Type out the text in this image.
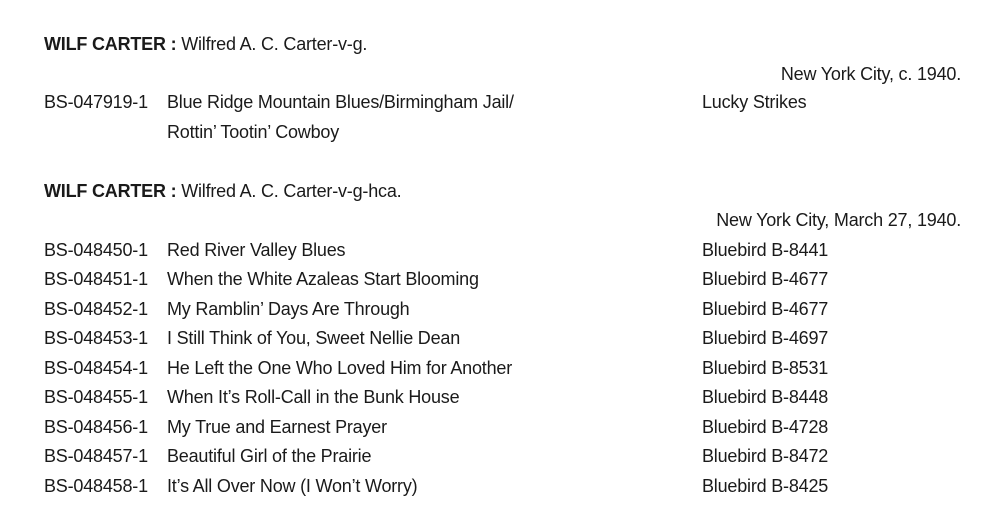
WILF CARTER : Wilfred A. C. Carter-v-g.
New York City, c. 1940.
BS-047919-1 Blue Ridge Mountain Blues/Birmingham Jail/	Lucky Strikes
Rottin’ Tootin’ Cowboy
WILF CARTER : Wilfred A. C. Carter-v-g-hca.
New York City, March 27, 1940.
BS-048450-1 Red River Valley Blues	Bluebird B-8441
BS-048451-1 When the White Azaleas Start Blooming	Bluebird B-4677
BS-048452-1 My Ramblin’ Days Are Through	Bluebird B-4677
BS-048453-1 I Still Think of You, Sweet Nellie Dean	Bluebird B-4697
BS-048454-1 He Left the One Who Loved Him for Another	Bluebird B-8531
BS-048455-1 When It’s Roll-Call in the Bunk House	Bluebird B-8448
BS-048456-1 My True and Earnest Prayer	Bluebird B-4728
BS-048457-1 Beautiful Girl of the Prairie	Bluebird B-8472
BS-048458-1 It’s All Over Now (I Won’t Worry)	Bluebird B-8425
